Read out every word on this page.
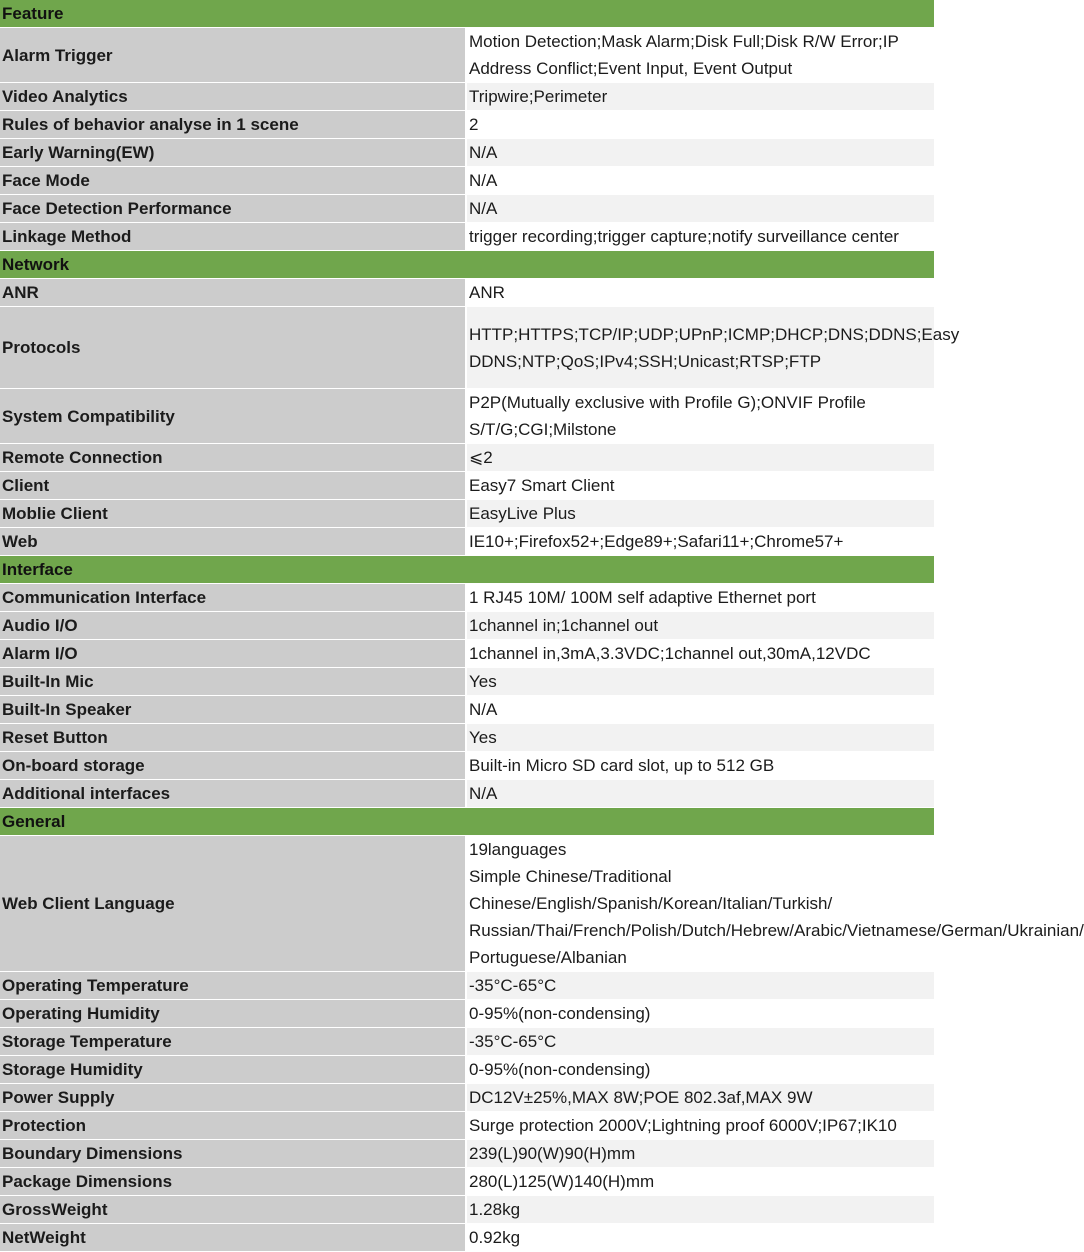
Feature	
Alarm Trigger	Motion Detection;Mask Alarm;Disk Full;Disk R/W Error;IP Address Conflict;Event Input, Event Output
Video Analytics	Tripwire;Perimeter
Rules of behavior analyse in 1 scene	2
Early Warning(EW)	N/A
Face Mode	N/A
Face Detection Performance	N/A
Linkage Method	trigger recording;trigger capture;notify surveillance center
Network	
ANR	ANR
Protocols	HTTP;HTTPS;TCP/IP;UDP;UPnP;ICMP;DHCP;DNS;DDNS;Easy DDNS;NTP;QoS;IPv4;SSH;Unicast;RTSP;FTP
System Compatibility	P2P(Mutually exclusive with Profile G);ONVIF Profile S/T/G;CGI;Milstone
Remote Connection	⩽2
Client	Easy7 Smart Client
Moblie Client	EasyLive Plus
Web	IE10+;Firefox52+;Edge89+;Safari11+;Chrome57+
Interface	
Communication Interface	1 RJ45 10M/ 100M self adaptive Ethernet port
Audio I/O	1channel in;1channel out
Alarm I/O	1channel in,3mA,3.3VDC;1channel out,30mA,12VDC
Built-In Mic	Yes
Built-In Speaker	N/A
Reset Button	Yes
On-board storage	Built-in Micro SD card slot, up to 512 GB
Additional interfaces	N/A
General	
Web Client Language	19languages
Simple Chinese/Traditional Chinese/English/Spanish/Korean/Italian/Turkish/
Russian/Thai/French/Polish/Dutch/Hebrew/Arabic/Vietnamese/German/Ukrainian/
Portuguese/Albanian

Operating Temperature	-35°C-65°C
Operating Humidity	0-95%(non-condensing)
Storage Temperature	-35°C-65°C
Storage Humidity	0-95%(non-condensing)
Power Supply	DC12V±25%,MAX 8W;POE 802.3af,MAX 9W
Protection	Surge protection 2000V;Lightning proof 6000V;IP67;IK10
Boundary Dimensions	239(L)90(W)90(H)mm
Package Dimensions	280(L)125(W)140(H)mm
GrossWeight	1.28kg
NetWeight	0.92kg
